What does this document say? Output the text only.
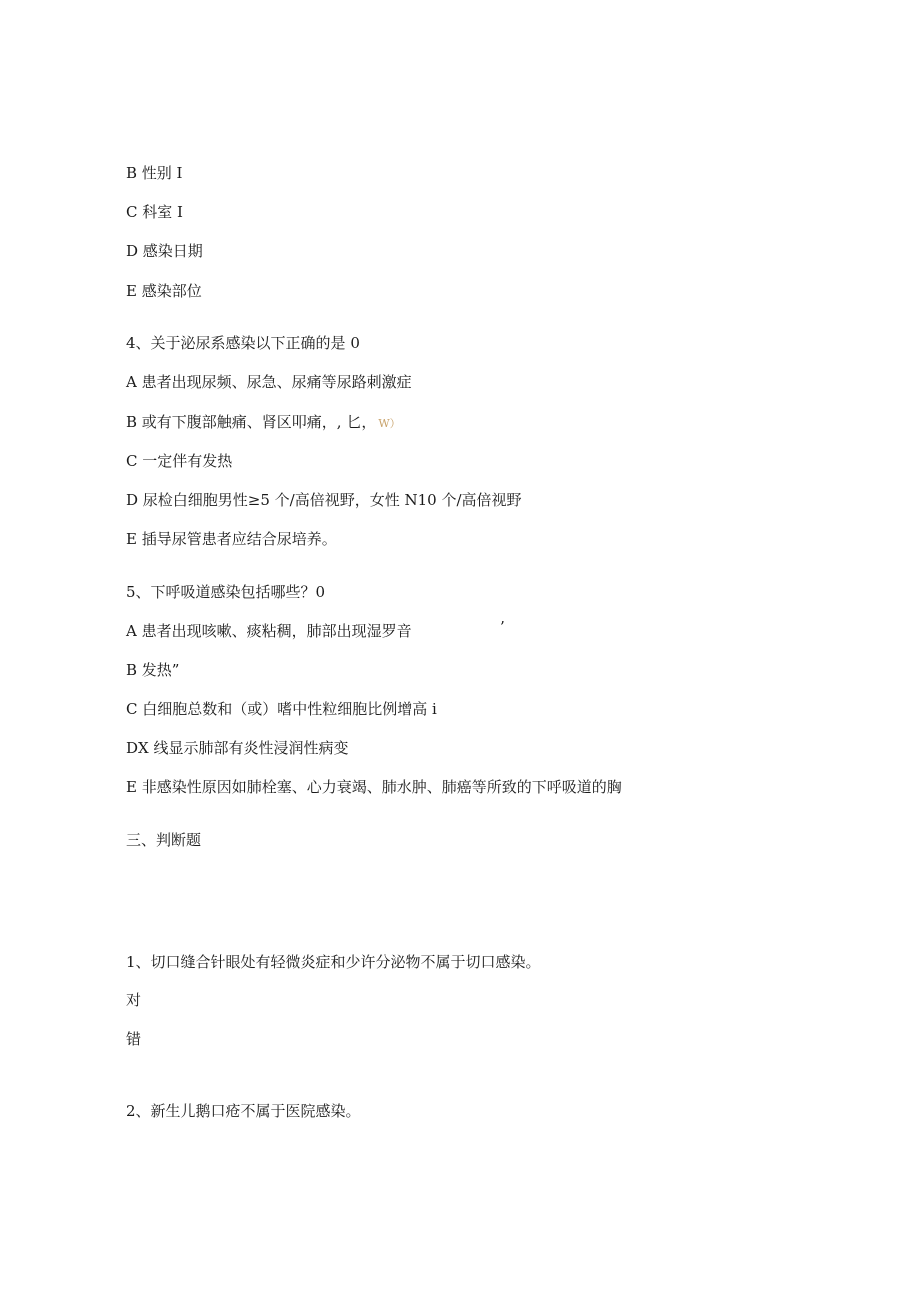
B 性别 I
C 科室 I
D 感染日期
E 感染部位
4、关于泌尿系感染以下正确的是 0
A 患者出现尿频、尿急、尿痛等尿路刺激症
B 或有下腹部触痛、肾区叩痛，, 匕， W）
C 一定伴有发热
D 尿检白细胞男性≥5 个/高倍视野，女性 N10 个/高倍视野
E 插导尿管患者应结合尿培养。
5、下呼吸道感染包括哪些？0
A 患者出现咳嗽、痰粘稠，肺部出现湿罗音	’
B 发热”
C 白细胞总数和（或）嗜中性粒细胞比例增高 i
DX 线显示肺部有炎性浸润性病变
E 非感染性原因如肺栓塞、心力衰竭、肺水肿、肺癌等所致的下呼吸道的胸
三、判断题
1、切口缝合针眼处有轻微炎症和少许分泌物不属于切口感染。
对
错
2、新生儿鹅口疮不属于医院感染。
